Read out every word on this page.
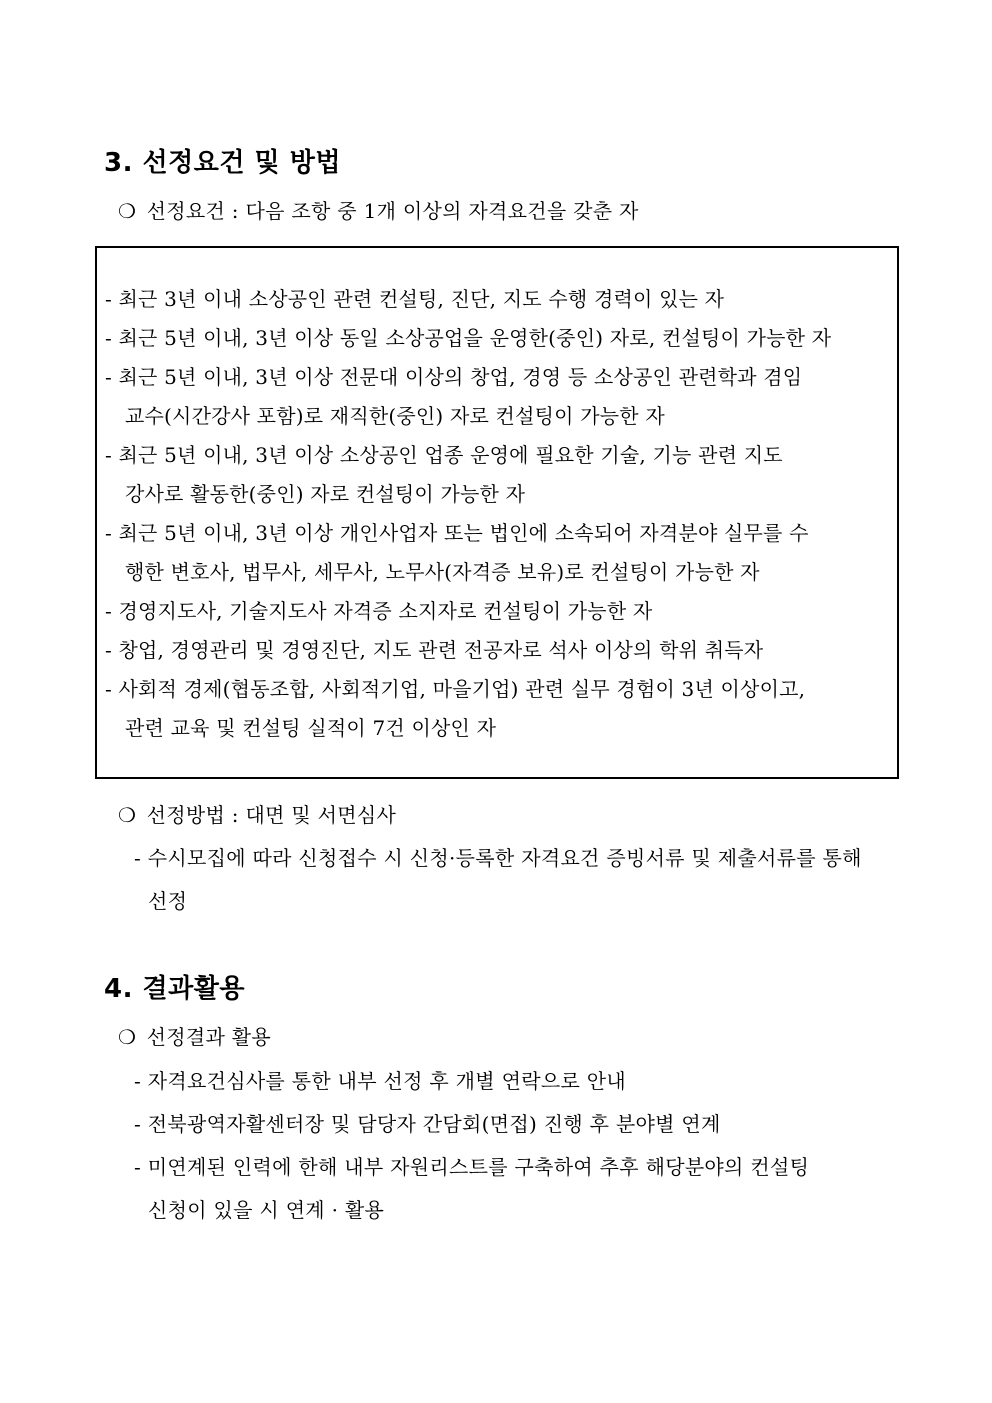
3. 선정요건 및 방법
❍ 선정요건 : 다음 조항 중 1개 이상의 자격요건을 갖춘 자
- 최근 3년 이내 소상공인 관련 컨설팅, 진단, 지도 수행 경력이 있는 자
- 최근 5년 이내, 3년 이상 동일 소상공업을 운영한(중인) 자로, 컨설팅이 가능한 자
- 최근 5년 이내, 3년 이상 전문대 이상의 창업, 경영 등 소상공인 관련학과 겸임
교수(시간강사 포함)로 재직한(중인) 자로 컨설팅이 가능한 자
- 최근 5년 이내, 3년 이상 소상공인 업종 운영에 필요한 기술, 기능 관련 지도
강사로 활동한(중인) 자로 컨설팅이 가능한 자
- 최근 5년 이내, 3년 이상 개인사업자 또는 법인에 소속되어 자격분야 실무를 수
행한 변호사, 법무사, 세무사, 노무사(자격증 보유)로 컨설팅이 가능한 자
- 경영지도사, 기술지도사 자격증 소지자로 컨설팅이 가능한 자
- 창업, 경영관리 및 경영진단, 지도 관련 전공자로 석사 이상의 학위 취득자
- 사회적 경제(협동조합, 사회적기업, 마을기업) 관련 실무 경험이 3년 이상이고,
관련 교육 및 컨설팅 실적이 7건 이상인 자
❍ 선정방법 : 대면 및 서면심사
- 수시모집에 따라 신청접수 시 신청·등록한 자격요건 증빙서류 및 제출서류를 통해
선정
4. 결과활용
❍ 선정결과 활용
- 자격요건심사를 통한 내부 선정 후 개별 연락으로 안내
- 전북광역자활센터장 및 담당자 간담회(면접) 진행 후 분야별 연계
- 미연계된 인력에 한해 내부 자원리스트를 구축하여 추후 해당분야의 컨설팅
신청이 있을 시 연계 · 활용
